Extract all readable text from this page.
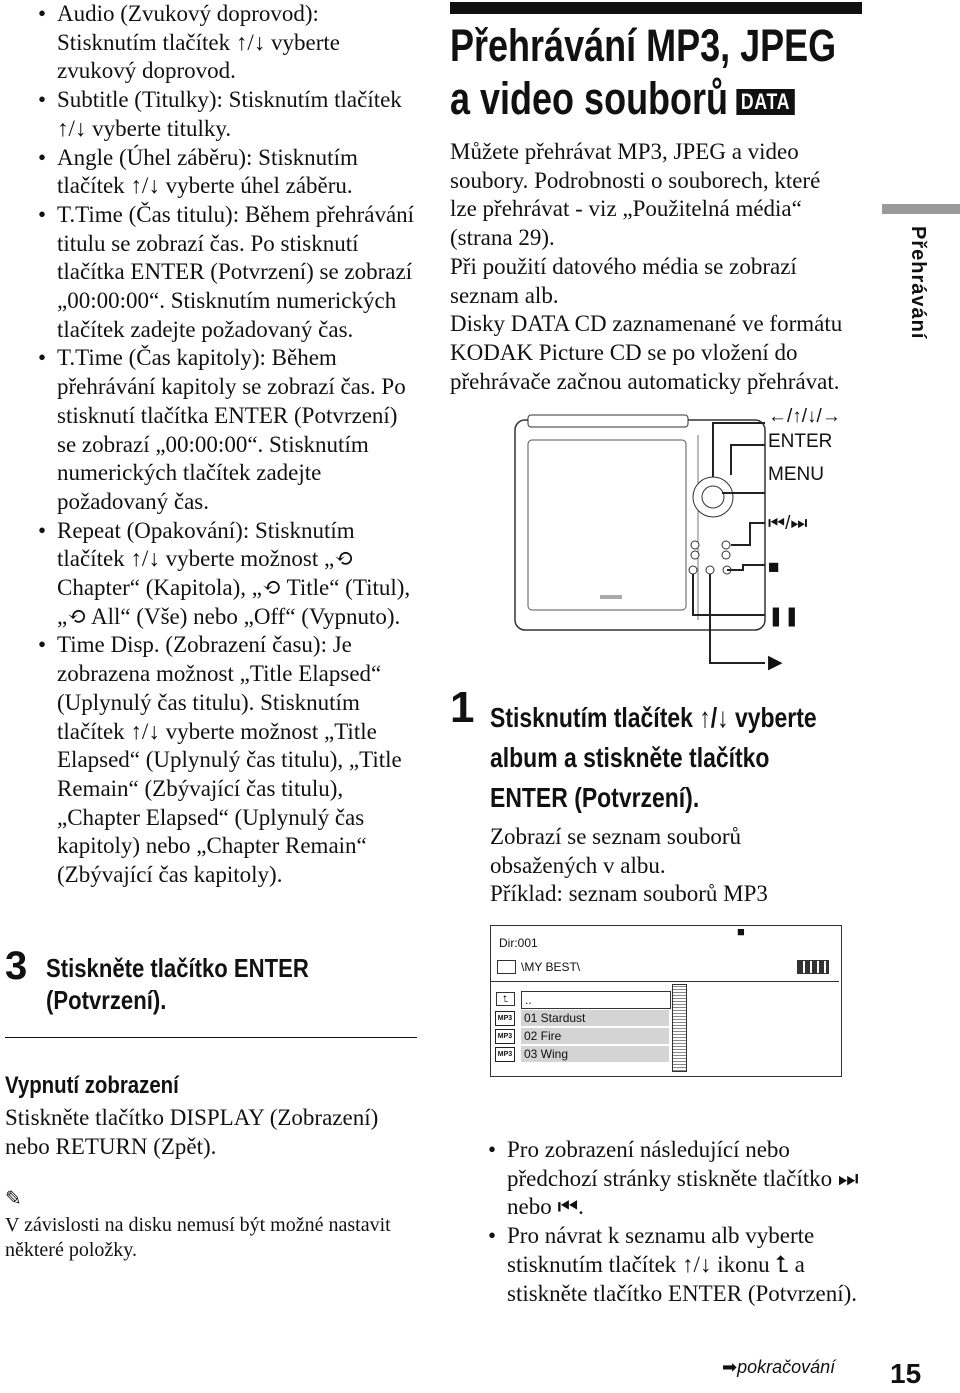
• Audio (Zvukový doprovod): Stisknutím tlačítek ↑/↓ vyberte zvukový doprovod.
• Subtitle (Titulky): Stisknutím tlačítek ↑/↓ vyberte titulky.
• Angle (Úhel záběru): Stisknutím tlačítek ↑/↓ vyberte úhel záběru.
• T.Time (Čas titulu): Během přehrávání titulu se zobrazí čas. Po stisknutí tlačítka ENTER (Potvrzení) se zobrazí „00:00:00“. Stisknutím numerických tlačítek zadejte požadovaný čas.
• T.Time (Čas kapitoly): Během přehrávání kapitoly se zobrazí čas. Po stisknutí tlačítka ENTER (Potvrzení) se zobrazí „00:00:00“. Stisknutím numerických tlačítek zadejte požadovaný čas.
• Repeat (Opakování): Stisknutím tlačítek ↑/↓ vyberte možnost „⟲ Chapter“ (Kapitola), „⟲ Title“ (Titul), „⟲ All“ (Vše) nebo „Off“ (Vypnuto).
• Time Disp. (Zobrazení času): Je zobrazena možnost „Title Elapsed“ (Uplynulý čas titulu). Stisknutím tlačítek ↑/↓ vyberte možnost „Title Elapsed“ (Uplynulý čas titulu), „Title Remain“ (Zbývající čas titulu), „Chapter Elapsed“ (Uplynulý čas kapitoly) nebo „Chapter Remain“ (Zbývající čas kapitoly).
3 Stiskněte tlačítko ENTER
(Potvrzení).
Vypnutí zobrazení
Stiskněte tlačítko DISPLAY (Zobrazení)
nebo RETURN (Zpět).
✎
V závislosti na disku nemusí být možné nastavit
některé položky.
Přehrávání MP3, JPEG
a video souborů DATA
Můžete přehrávat MP3, JPEG a video
soubory. Podrobnosti o souborech, které
lze přehrávat - viz „Použitelná média“
(strana 29).
Při použití datového média se zobrazí
seznam alb.
Disky DATA CD zaznamenané ve formátu
KODAK Picture CD se po vložení do
přehrávače začnou automaticky přehrávat.
Přehrávání
←/↑/↓/→
ENTER
MENU
⏮/⏭
■
❚❚
▶
1 Stisknutím tlačítek ↑/↓ vyberte
album a stiskněte tlačítko
ENTER (Potvrzení).
Zobrazí se seznam souborů
obsažených v albu.
Příklad: seznam souborů MP3
Dir:001
■
\MY BEST\
⮤	..
MP3 01 Stardust
MP3 02 Fire
MP3 03 Wing
• Pro zobrazení následující nebo předchozí stránky stiskněte tlačítko ⏭ nebo ⏮.
• Pro návrat k seznamu alb vyberte stisknutím tlačítek ↑/↓ ikonu ⮤ a stiskněte tlačítko ENTER (Potvrzení).
➡pokračování 15
